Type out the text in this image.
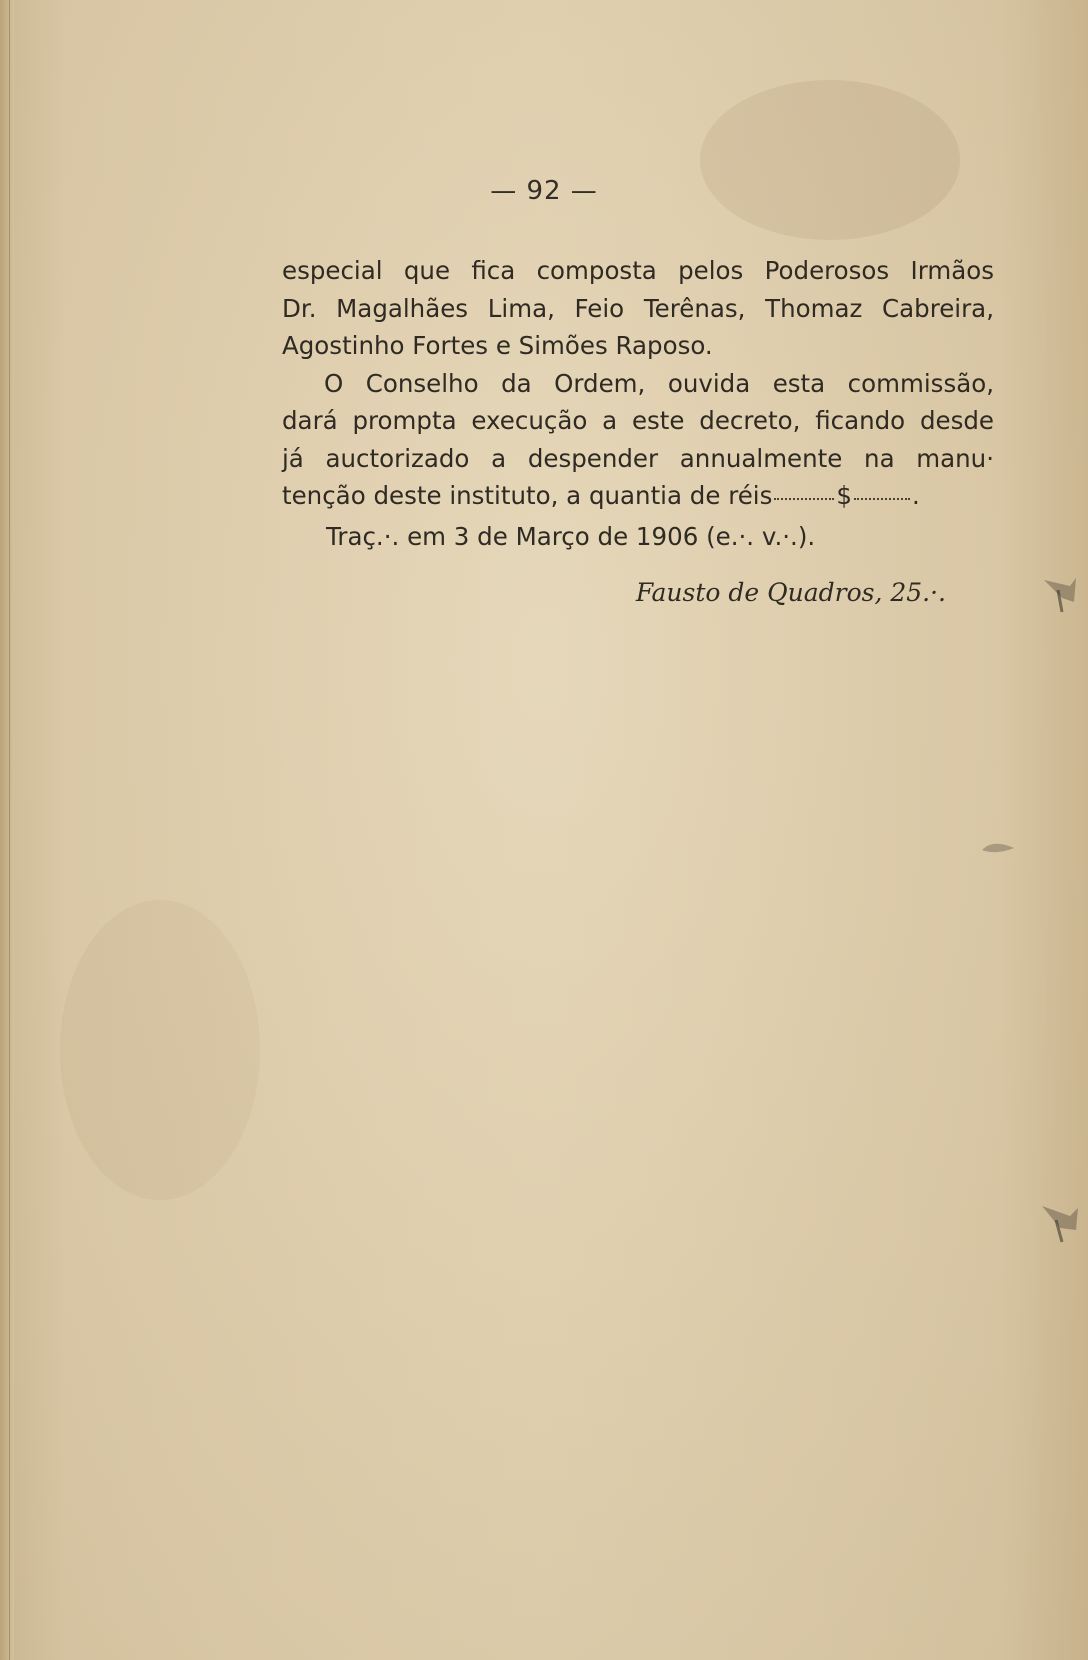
— 92 —
especial que fica composta pelos Poderosos Irmãos
Dr. Magalhães Lima, Feio Terênas, Thomaz Cabreira,
Agostinho Fortes e Simões Raposo.
O Conselho da Ordem, ouvida esta commissão,
dará prompta execução a este decreto, ficando desde
já auctorizado a despender annualmente na manu·
tenção deste instituto, a quantia de réis	$ .
Traç.·. em 3 de Março de 1906 (e.·. v.·.).
Fausto de Quadros, 25.·.
